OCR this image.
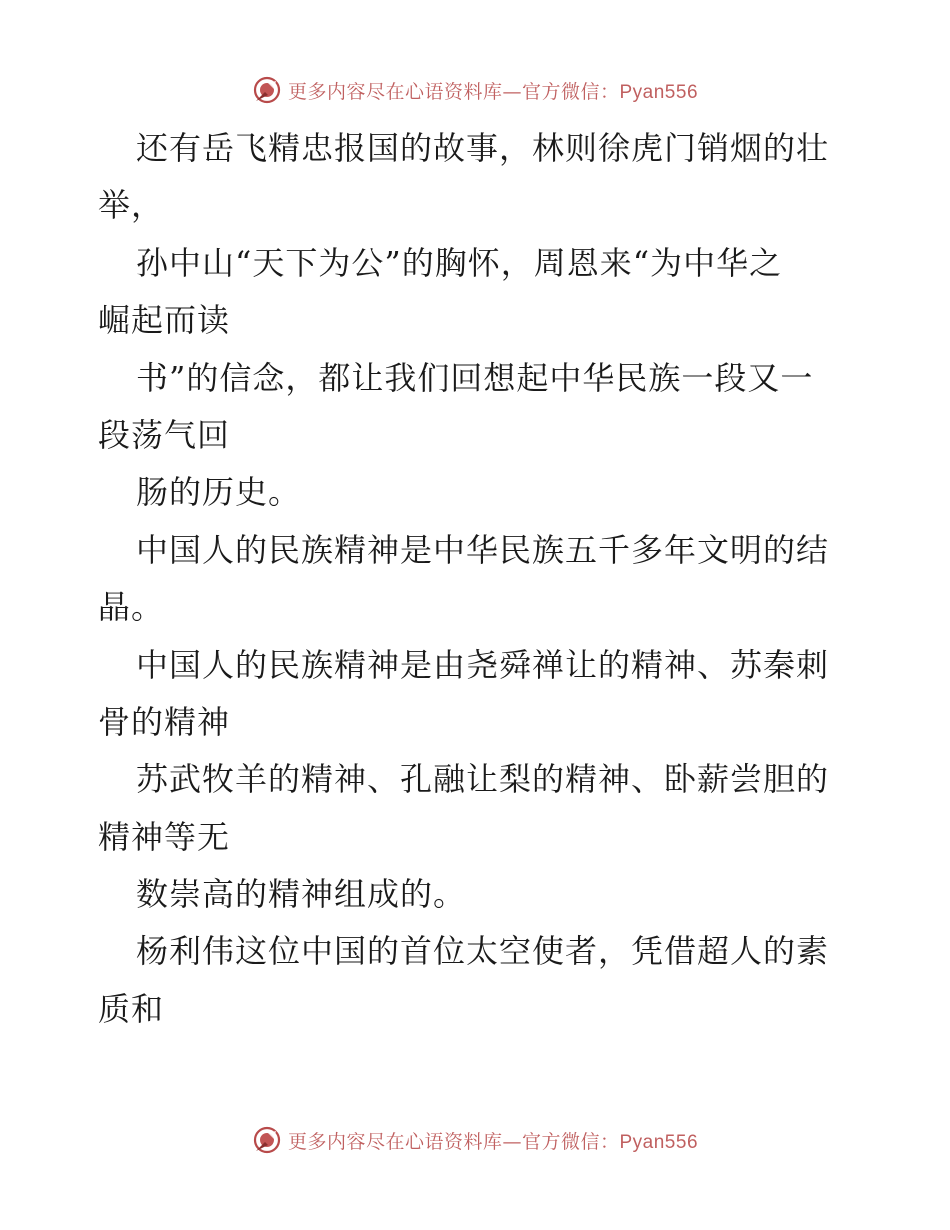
更多内容尽在心语资料库—官方微信：Pyan556
还有岳飞精忠报国的故事，林则徐虎门销烟的壮
举，
孙中山“天下为公”的胸怀，周恩来“为中华之
崛起而读
书”的信念，都让我们回想起中华民族一段又一
段荡气回
肠的历史。
中国人的民族精神是中华民族五千多年文明的结
晶。
中国人的民族精神是由尧舜禅让的精神、苏秦刺
骨的精神
苏武牧羊的精神、孔融让梨的精神、卧薪尝胆的
精神等无
数崇高的精神组成的。
杨利伟这位中国的首位太空使者，凭借超人的素
质和
更多内容尽在心语资料库—官方微信：Pyan556
